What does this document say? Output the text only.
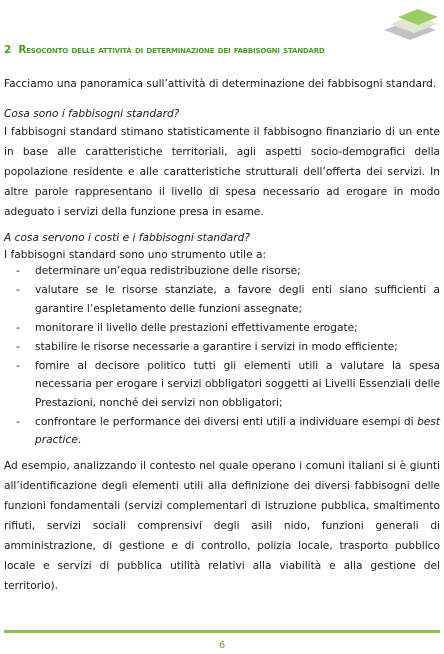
2 Resoconto delle attività di determinazione dei fabbisogni standard

Facciamo una panoramica sull’attività di determinazione dei fabbisogni standard.

Cosa sono i fabbisogni standard?

I fabbisogni standard stimano statisticamente il fabbisogno finanziario di un ente in base alle caratteristiche territoriali, agli aspetti socio-demografici della popolazione residente e alle caratteristiche strutturali dell’offerta dei servizi. In altre parole rappresentano il livello di spesa necessario ad erogare in modo adeguato i servizi della funzione presa in esame.

A cosa servono i costi e i fabbisogni standard?

I fabbisogni standard sono uno strumento utile a:

- determinare un’equa redistribuzione delle risorse;
- valutare se le risorse stanziate, a favore degli enti siano sufficienti a garantire l’espletamento delle funzioni assegnate;
- monitorare il livello delle prestazioni effettivamente erogate;
- stabilire le risorse necessarie a garantire i servizi in modo efficiente;
- fornire al decisore politico tutti gli elementi utili a valutare la spesa necessaria per erogare i servizi obbligatori soggetti ai Livelli Essenziali delle Prestazioni, nonché dei servizi non obbligatori;
- confrontare le performance dei diversi enti utili a individuare esempi di best practice.

Ad esempio, analizzando il contesto nel quale operano i comuni italiani si è giunti all’identificazione degli elementi utili alla definizione dei diversi fabbisogni delle funzioni fondamentali (servizi complementari di istruzione pubblica, smaltimento rifiuti, servizi sociali comprensivi degli asili nido, funzioni generali di amministrazione, di gestione e di controllo, polizia locale, trasporto pubblico locale e servizi di pubblica utilità relativi alla viabilità e alla gestione del territorio).

6
